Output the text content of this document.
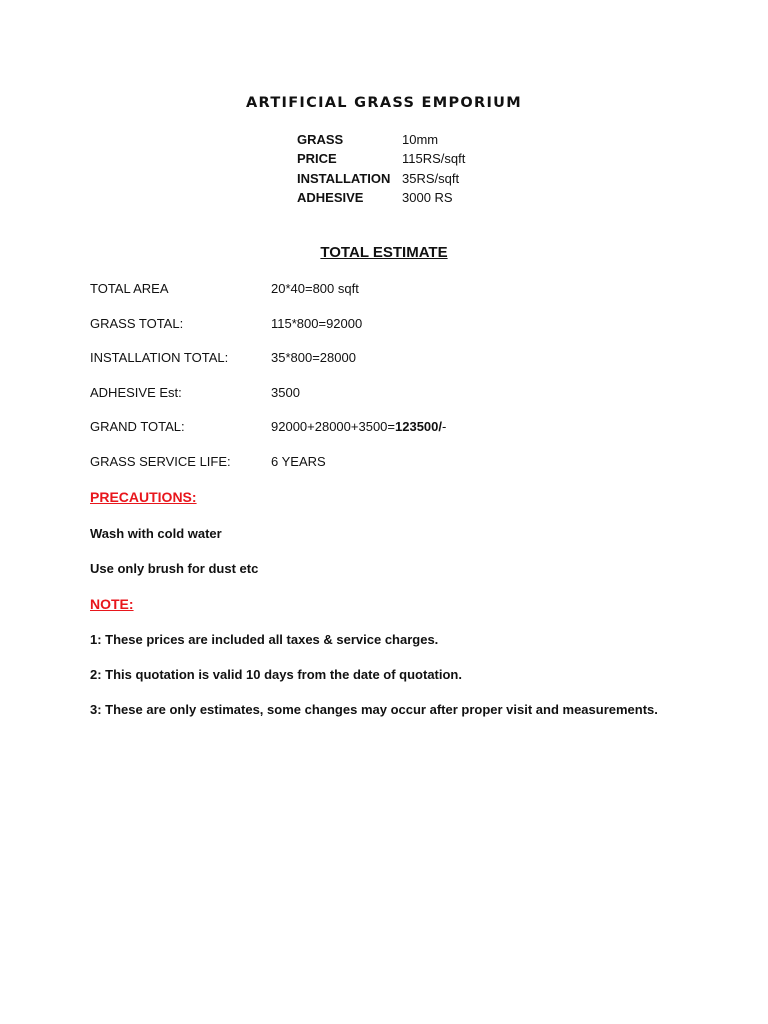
ARTIFICIAL GRASS EMPORIUM
GRASS	10mm
PRICE	115RS/sqft
INSTALLATION 35RS/sqft
ADHESIVE	3000 RS
TOTAL ESTIMATE
TOTAL AREA	20*40=800 sqft
GRASS TOTAL:	115*800=92000
INSTALLATION TOTAL:	35*800=28000
ADHESIVE Est:	3500
GRAND TOTAL:	92000+28000+3500=123500/-
GRASS SERVICE LIFE:	6 YEARS
PRECAUTIONS:
Wash with cold water
Use only brush for dust etc
NOTE:
1: These prices are included all taxes & service charges.
2: This quotation is valid 10 days from the date of quotation.
3: These are only estimates, some changes may occur after proper visit and measurements.
